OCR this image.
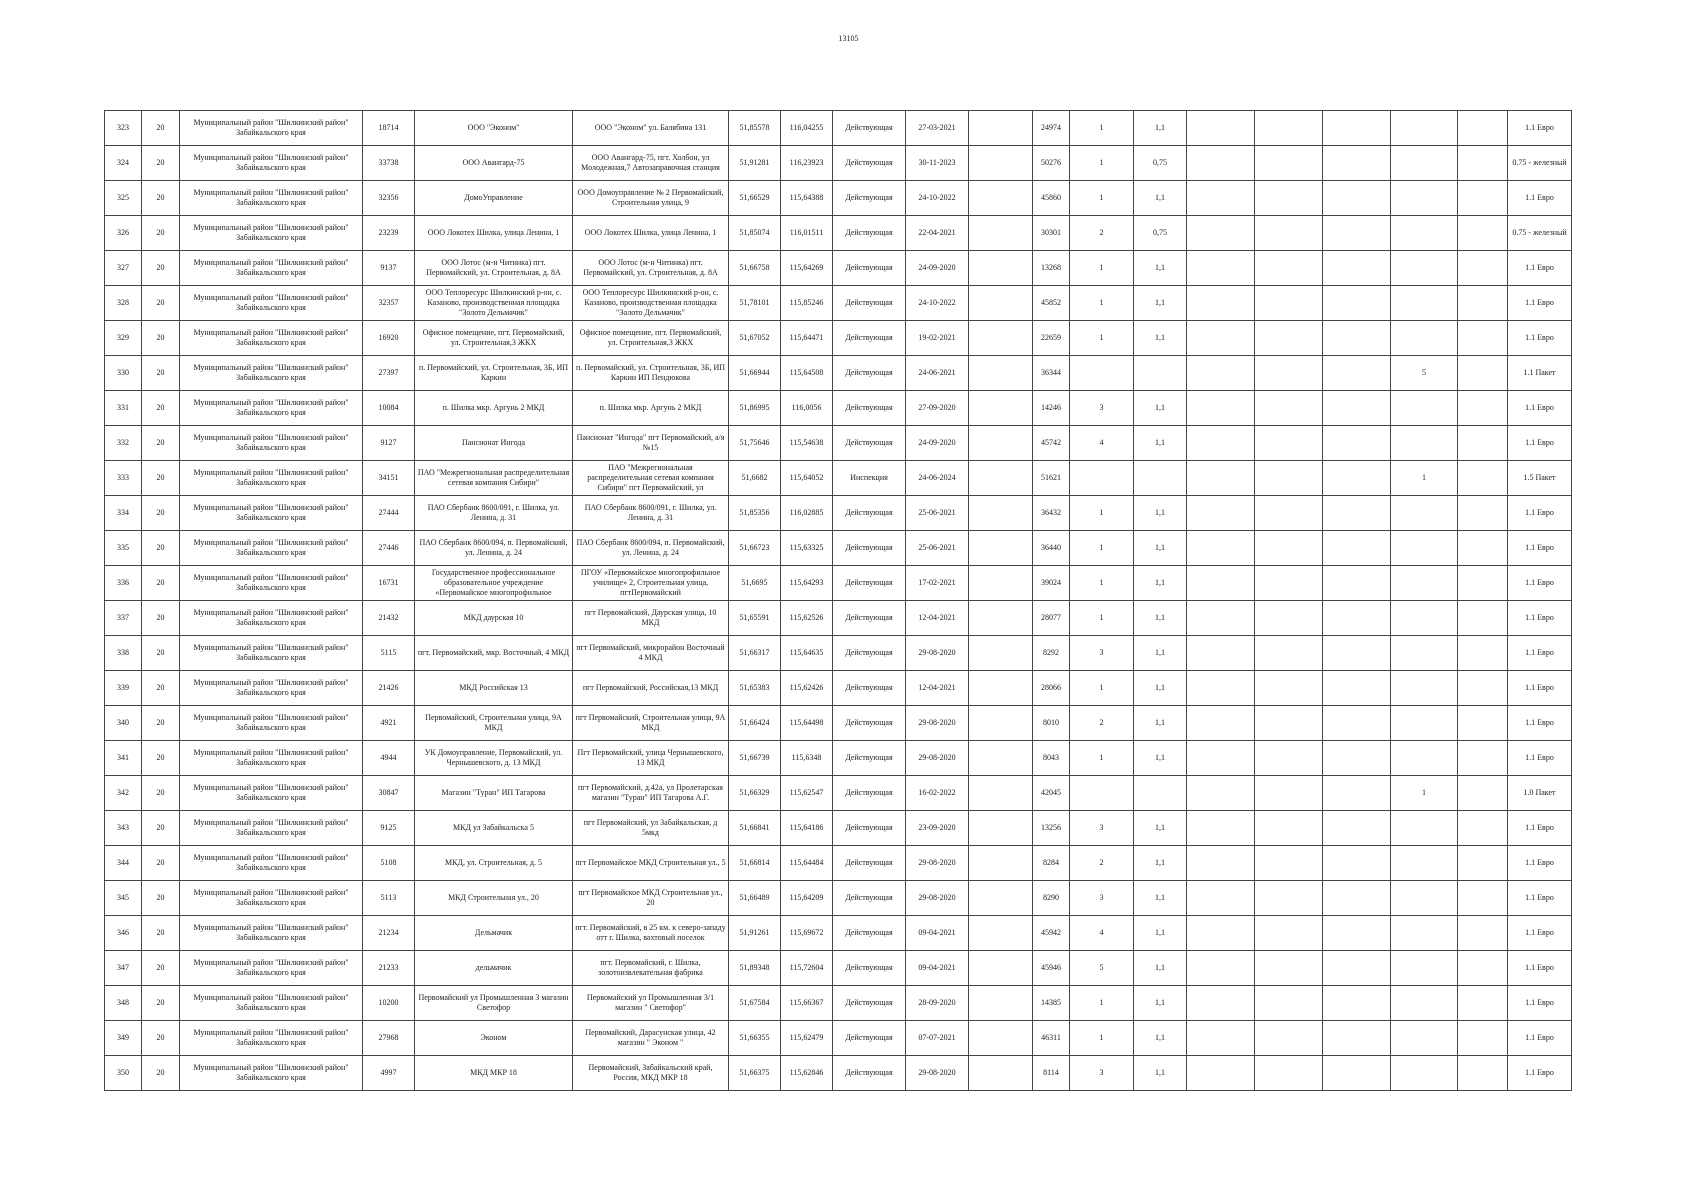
13105
323	20	Муниципальный район "Шилкинский район" Забайкальского края	18714	ООО "Эконом"	ООО "Эконом" ул. Балябина 131	51,85578	116,04255	Действующая	27-03-2021		24974	1	1,1						1.1 Евро
324	20	Муниципальный район "Шилкинский район" Забайкальского края	33738	ООО Авангард-75	ООО Авангард-75, пгт. Холбон, ул Молодежная,7 Автозаправочная станция	51,91281	116,23923	Действующая	30-11-2023		50276	1	0,75						0.75 - железный
325	20	Муниципальный район "Шилкинский район" Забайкальского края	32356	ДомоУправление	ООО Домоуправление № 2 Первомайский, Строительная улица, 9	51,66529	115,64388	Действующая	24-10-2022		45860	1	1,1						1.1 Евро
326	20	Муниципальный район "Шилкинский район" Забайкальского края	23239	ООО Локотех Шилка, улица Ленина, 1	ООО Локотех Шилка, улица Ленина, 1	51,85074	116,01511	Действующая	22-04-2021		30301	2	0,75						0.75 - железный
327	20	Муниципальный район "Шилкинский район" Забайкальского края	9137	ООО Лотос (м-н Читинка) пгт. Первомайский, ул. Строительная, д. 8А	ООО Лотос (м-н Читинка) пгт. Первомайский, ул. Строительная, д. 8А	51,66758	115,64269	Действующая	24-09-2020		13268	1	1,1						1.1 Евро
328	20	Муниципальный район "Шилкинский район" Забайкальского края	32357	ООО Теплоресурс Шилкинский р-он, с. Казаново, производственная площадка "Золото Дельмачик"	ООО Теплоресурс Шилкинский р-он, с. Казаново, производственная площадка "Золото Дельмачик"	51,78101	115,85246	Действующая	24-10-2022		45852	1	1,1						1.1 Евро
329	20	Муниципальный район "Шилкинский район" Забайкальского края	16920	Офисное помещение, пгт. Первомайский, ул. Строительная,3 ЖКХ	Офисное помещение, пгт. Первомайский, ул. Строительная,3 ЖКХ	51,67052	115,64471	Действующая	19-02-2021		22659	1	1,1						1.1 Евро
330	20	Муниципальный район "Шилкинский район" Забайкальского края	27397	п. Первомайский, ул. Строительная, 3Б, ИП Каркин	п. Первомайский, ул. Строительная, 3Б, ИП Каркин ИП Пендюкова	51,66944	115,64508	Действующая	24-06-2021		36344						5		1.1 Пакет
331	20	Муниципальный район "Шилкинский район" Забайкальского края	10084	п. Шилка мкр. Аргунь 2 МКД	п. Шилка мкр. Аргунь 2 МКД	51,86995	116,0056	Действующая	27-09-2020		14246	3	1,1						1.1 Евро
332	20	Муниципальный район "Шилкинский район" Забайкальского края	9127	Пансионат Ингода	Пансионат "Ингода" пгт Первомайский, а/я №15	51,75646	115,54638	Действующая	24-09-2020		45742	4	1,1						1.1 Евро
333	20	Муниципальный район "Шилкинский район" Забайкальского края	34151	ПАО "Межрегиональная распределительная сетевая компания Сибири"	ПАО "Межрегиональная распределительная сетевая компания Сибири" пгт Первомайский, ул	51,6682	115,64052	Инспекция	24-06-2024		51621						1		1.5 Пакет
334	20	Муниципальный район "Шилкинский район" Забайкальского края	27444	ПАО Сбербанк 8600/091, г. Шилка, ул. Ленина, д. 31	ПАО Сбербанк 8600/091, г. Шилка, ул. Ленина, д. 31	51,85356	116,02885	Действующая	25-06-2021		36432	1	1,1						1.1 Евро
335	20	Муниципальный район "Шилкинский район" Забайкальского края	27446	ПАО Сбербанк 8600/094, п. Первомайский, ул. Ленина, д. 24	ПАО Сбербанк 8600/094, п. Первомайский, ул. Ленина, д. 24	51,66723	115,63325	Действующая	25-06-2021		36440	1	1,1						1.1 Евро
336	20	Муниципальный район "Шилкинский район" Забайкальского края	16731	Государственное профессиональное образовательное учреждение «Первомайское многопрофильное	ПГОУ «Первомайское многопрофильное училище» 2, Строительная улица, пгтПервомайский	51,6695	115,64293	Действующая	17-02-2021		39024	1	1,1						1.1 Евро
337	20	Муниципальный район "Шилкинский район" Забайкальского края	21432	МКД даурская 10	пгт Первомайский, Даурская улица, 10 МКД	51,65591	115,62526	Действующая	12-04-2021		28077	1	1,1						1.1 Евро
338	20	Муниципальный район "Шилкинский район" Забайкальского края	5115	пгт. Первомайский, мкр. Восточный, 4 МКД	пгт Первомайский, микрорайон Восточный 4 МКД	51,66317	115,64635	Действующая	29-08-2020		8292	3	1,1						1.1 Евро
339	20	Муниципальный район "Шилкинский район" Забайкальского края	21426	МКД Российская 13	пгт Первомайский, Российская,13 МКД	51,65383	115,62426	Действующая	12-04-2021		28066	1	1,1						1.1 Евро
340	20	Муниципальный район "Шилкинский район" Забайкальского края	4921	Первомайский, Строительная улица, 9А МКД	пгт Первомайский, Строительная улица, 9А МКД	51,66424	115,64498	Действующая	29-08-2020		8010	2	1,1						1.1 Евро
341	20	Муниципальный район "Шилкинский район" Забайкальского края	4944	УК Домоуправление, Первомайский, ул. Чернышевского, д. 13 МКД	Пгт Первомайский, улица Чернышевского, 13 МКД	51,66739	115,6348	Действующая	29-08-2020		8043	1	1,1						1.1 Евро
342	20	Муниципальный район "Шилкинский район" Забайкальского края	30847	Магазин "Туран" ИП Тагарова	пгт Первомайский, д.42а, ул Пролетарская магазин "Туран" ИП Тагарова А.Г.	51,66329	115,62547	Действующая	16-02-2022		42045						1		1.0 Пакет
343	20	Муниципальный район "Шилкинский район" Забайкальского края	9125	МКД ул Забайкальска 5	пгт Первомайский, ул Забайкальская, д 5мкд	51,66841	115,64186	Действующая	23-09-2020		13256	3	1,1						1.1 Евро
344	20	Муниципальный район "Шилкинский район" Забайкальского края	5108	МКД, ул. Строительная, д. 5	пгт Первомайское МКД Строительная ул., 5	51,66814	115,64484	Действующая	29-08-2020		8284	2	1,1						1.1 Евро
345	20	Муниципальный район "Шилкинский район" Забайкальского края	5113	МКД Строительная ул., 20	пгт Первомайское МКД Строительная ул., 20	51,66489	115,64209	Действующая	29-08-2020		8290	3	1,1						1.1 Евро
346	20	Муниципальный район "Шилкинский район" Забайкальского края	21234	Дельмачик	пгт. Первомайский, в 25 км. к северо-западу отт г. Шилка, вахтовый поселок	51,91261	115,69672	Действующая	09-04-2021		45942	4	1,1						1.1 Евро
347	20	Муниципальный район "Шилкинский район" Забайкальского края	21233	дельмачик	пгт. Первомайский, г. Шилка, золотоизвлекательная фабрика	51,89348	115,72604	Действующая	09-04-2021		45946	5	1,1						1.1 Евро
348	20	Муниципальный район "Шилкинский район" Забайкальского края	10200	Первомайский ул Промышленная 3 магазин Светофор	Первомайский ул Промышленная 3/1 магазин " Светофор"	51,67584	115,66367	Действующая	28-09-2020		14385	1	1,1						1.1 Евро
349	20	Муниципальный район "Шилкинский район" Забайкальского края	27968	Эконом	Первомайский, Дарасунская улица, 42 магазин " Эконом "	51,66355	115,62479	Действующая	07-07-2021		46311	1	1,1						1.1 Евро
350	20	Муниципальный район "Шилкинский район" Забайкальского края	4997	МКД МКР 18	Первомайский, Забайкальский край, Россия, МКД МКР 18	51,66375	115,62846	Действующая	29-08-2020		8114	3	1,1						1.1 Евро
